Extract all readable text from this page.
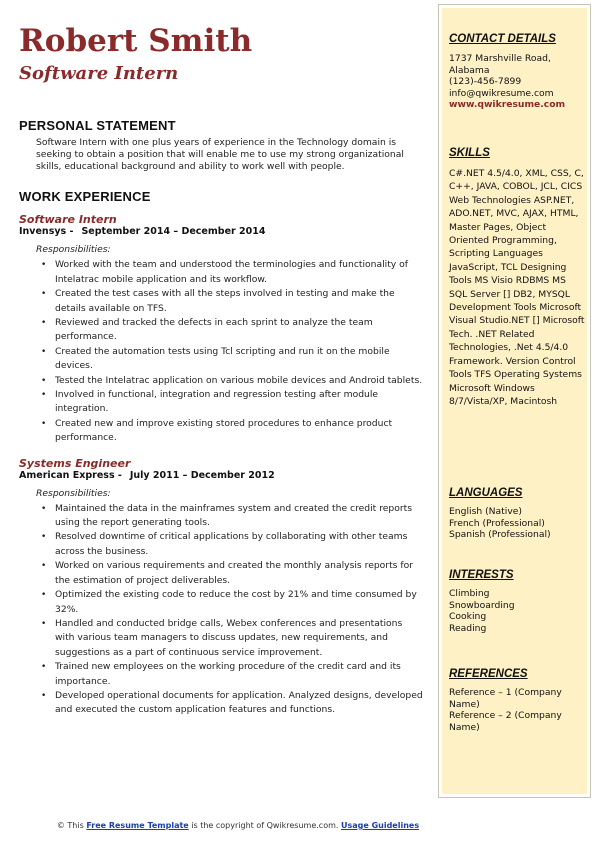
Robert Smith
Software Intern
PERSONAL STATEMENT

Software Intern with one plus years of experience in the Technology domain is seeking to obtain a position that will enable me to use my strong organizational skills, educational background and ability to work well with people.

WORK EXPERIENCE
Software Intern
Invensys - September 2014 – December 2014
Responsibilities:
• Worked with the team and understood the terminologies and functionality of Intelatrac mobile application and its workflow.
• Created the test cases with all the steps involved in testing and make the details available on TFS.
• Reviewed and tracked the defects in each sprint to analyze the team performance.
• Created the automation tests using Tcl scripting and run it on the mobile devices.
• Tested the Intelatrac application on various mobile devices and Android tablets.
• Involved in functional, integration and regression testing after module integration.
• Created new and improve existing stored procedures to enhance product performance.
Systems Engineer
American Express - July 2011 – December 2012
Responsibilities:
• Maintained the data in the mainframes system and created the credit reports using the report generating tools.
• Resolved downtime of critical applications by collaborating with other teams across the business.
• Worked on various requirements and created the monthly analysis reports for the estimation of project deliverables.
• Optimized the existing code to reduce the cost by 21% and time consumed by 32%.
• Handled and conducted bridge calls, Webex conferences and presentations with various team managers to discuss updates, new requirements, and suggestions as a part of continuous service improvement.
• Trained new employees on the working procedure of the credit card and its importance.
• Developed operational documents for application. Analyzed designs, developed and executed the custom application features and functions.
© This Free Resume Template is the copyright of Qwikresume.com. Usage Guidelines
CONTACT DETAILS

1737 Marshville Road, Alabama

(123)-456-7899

info@qwikresume.com

www.qwikresume.com

SKILLS

C#.NET 4.5/4.0, XML, CSS, C, C++, JAVA, COBOL, JCL, CICS Web Technologies ASP.NET, ADO.NET, MVC, AJAX, HTML, Master Pages, Object Oriented Programming, Scripting Languages JavaScript, TCL Designing Tools MS Visio RDBMS MS SQL Server [] DB2, MYSQL Development Tools Microsoft Visual Studio.NET [] Microsoft Tech. .NET Related Technologies, .Net 4.5/4.0 Framework. Version Control Tools TFS Operating Systems Microsoft Windows 8/7/Vista/XP, Macintosh

LANGUAGES

English (Native)

French (Professional)

Spanish (Professional)

INTERESTS

Climbing

Snowboarding

Cooking

Reading

REFERENCES

Reference – 1 (Company Name)

Reference – 2 (Company Name)
